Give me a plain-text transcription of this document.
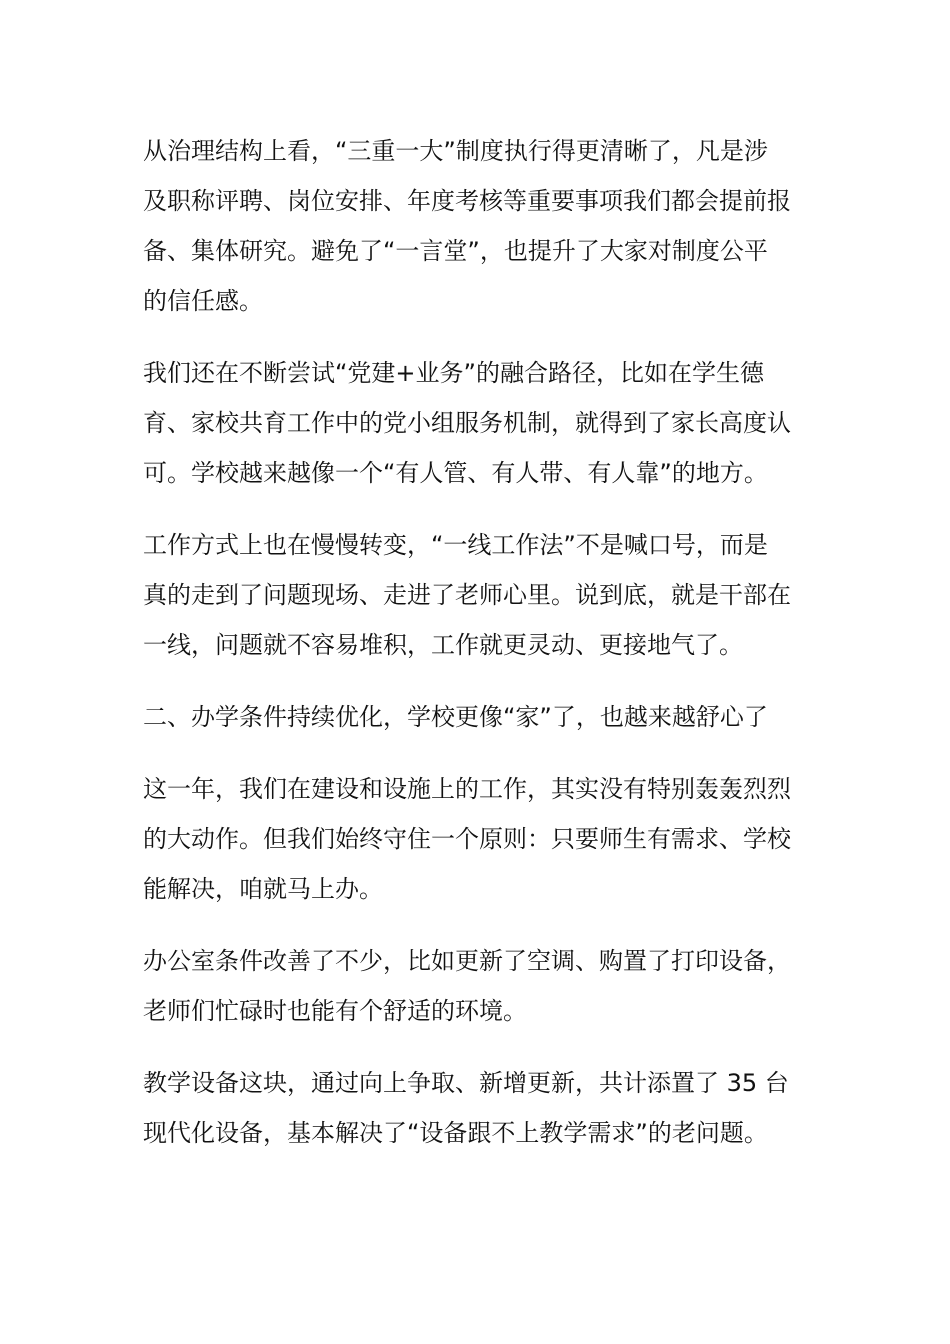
从治理结构上看，“三重一大”制度执行得更清晰了，凡是涉
及职称评聘、岗位安排、年度考核等重要事项我们都会提前报
备、集体研究。避免了“一言堂”，也提升了大家对制度公平
的信任感。

我们还在不断尝试“党建+业务”的融合路径，比如在学生德
育、家校共育工作中的党小组服务机制，就得到了家长高度认
可。学校越来越像一个“有人管、有人带、有人靠”的地方。

工作方式上也在慢慢转变，“一线工作法”不是喊口号，而是
真的走到了问题现场、走进了老师心里。说到底，就是干部在
一线，问题就不容易堆积，工作就更灵动、更接地气了。

二、办学条件持续优化，学校更像“家”了，也越来越舒心了

这一年，我们在建设和设施上的工作，其实没有特别轰轰烈烈
的大动作。但我们始终守住一个原则：只要师生有需求、学校
能解决，咱就马上办。

办公室条件改善了不少，比如更新了空调、购置了打印设备，
老师们忙碌时也能有个舒适的环境。

教学设备这块，通过向上争取、新增更新，共计添置了 35 台
现代化设备，基本解决了“设备跟不上教学需求”的老问题。
